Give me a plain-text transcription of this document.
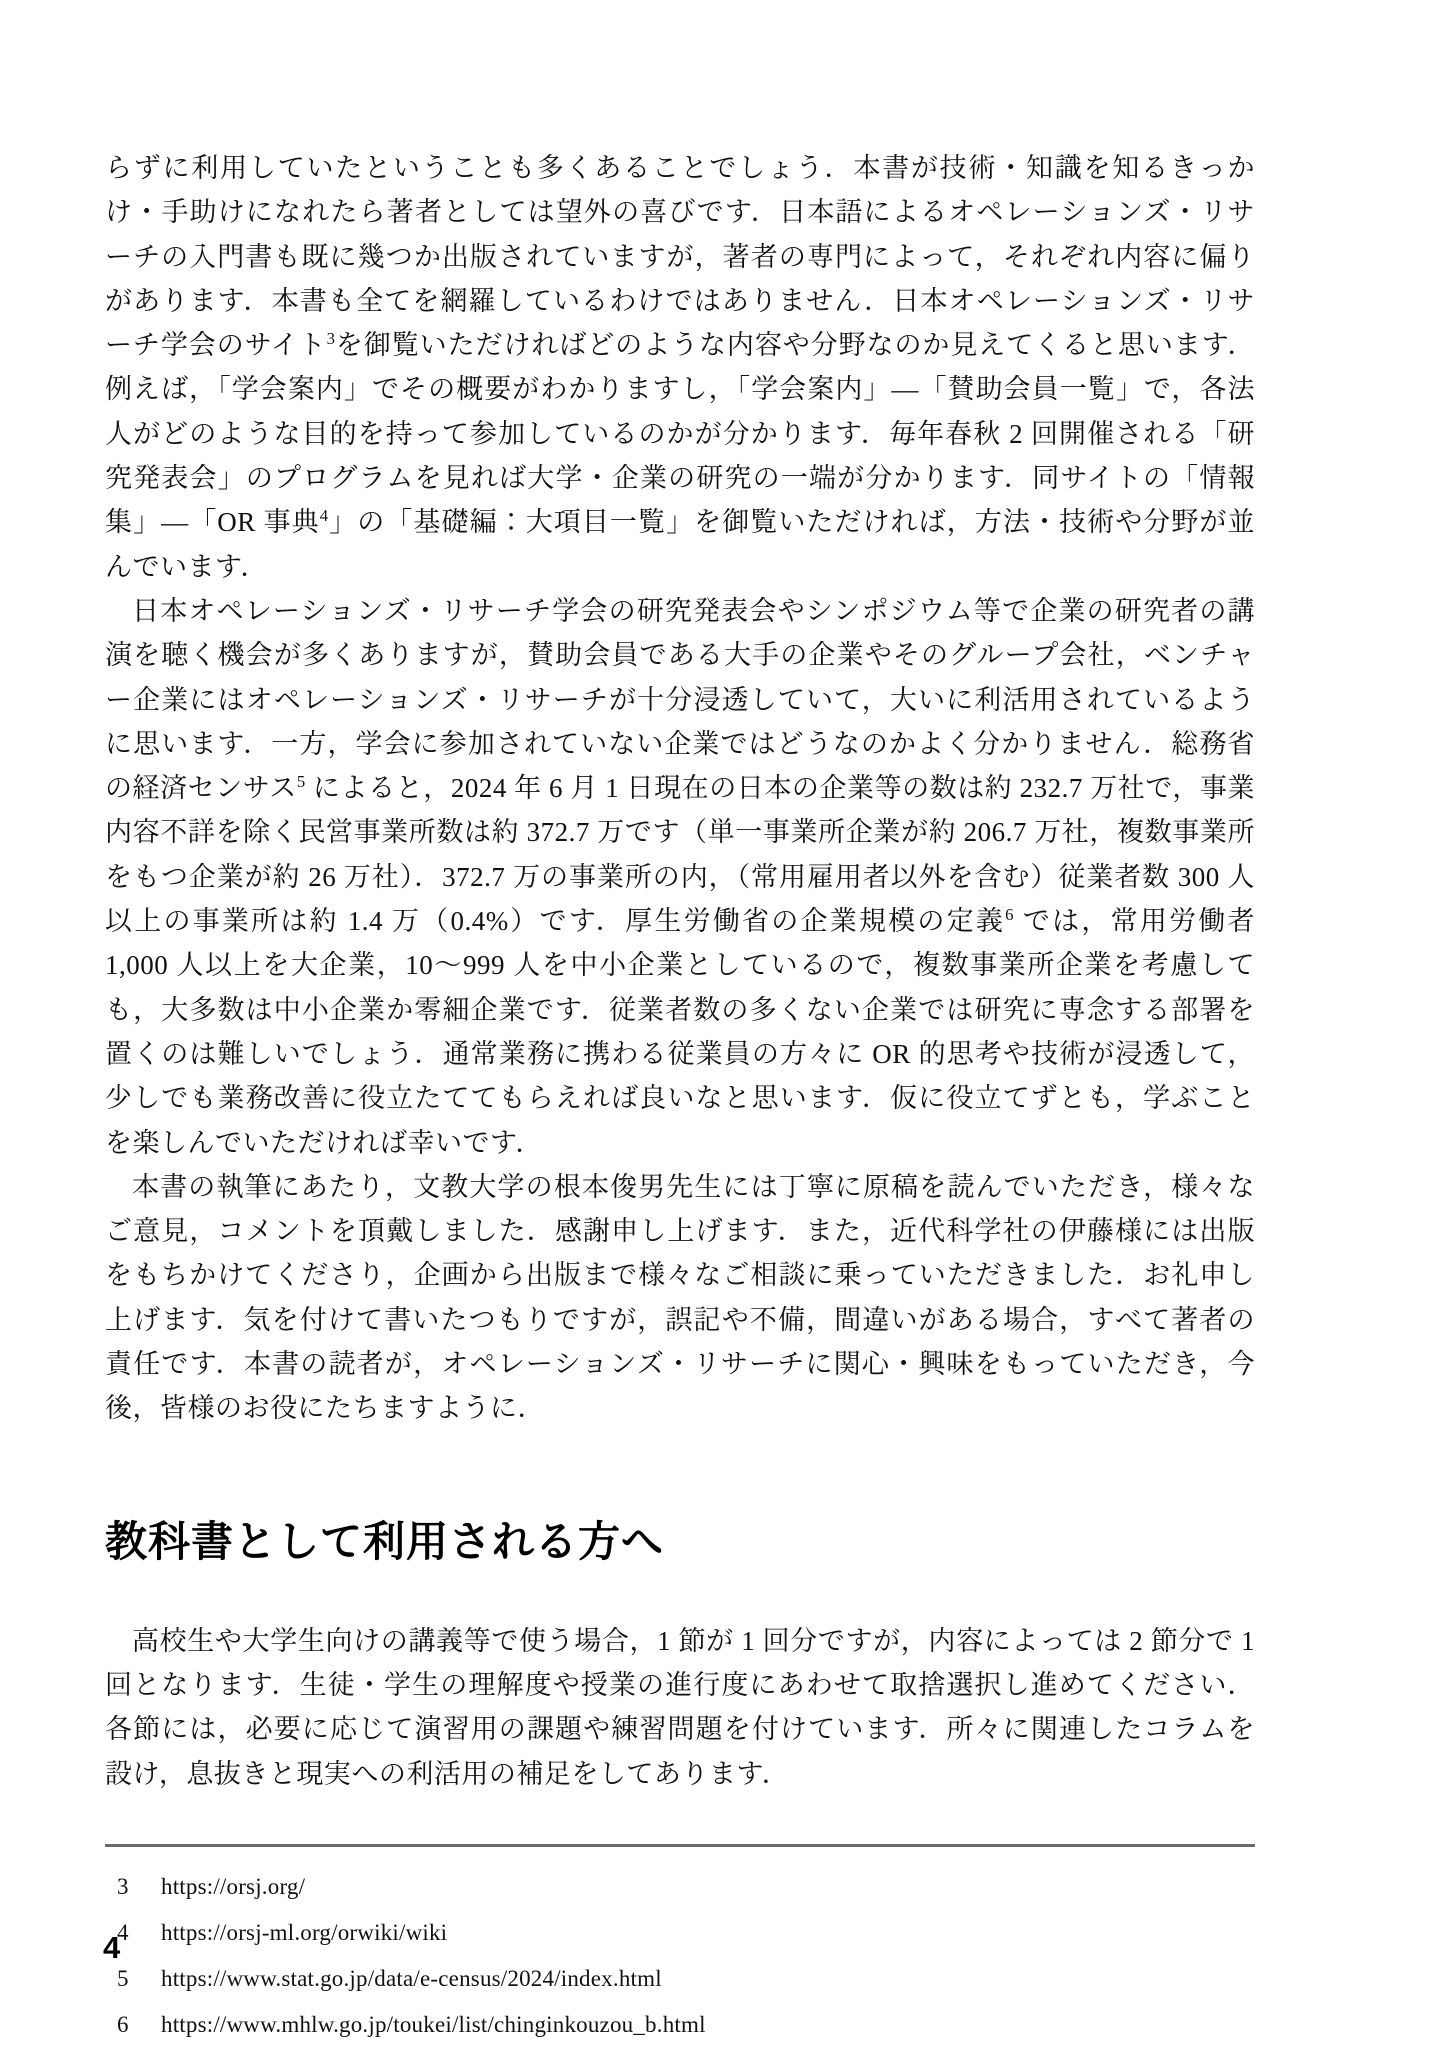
らずに利用していたということも多くあることでしょう．本書が技術・知識を知るきっかけ・手助けになれたら著者としては望外の喜びです．日本語によるオペレーションズ・リサーチの入門書も既に幾つか出版されていますが，著者の専門によって，それぞれ内容に偏りがあります．本書も全てを網羅しているわけではありません．日本オペレーションズ・リサーチ学会のサイト$^3$を御覧いただければどのような内容や分野なのか見えてくると思います．例えば，「学会案内」でその概要がわかりますし，「学会案内」―「賛助会員一覧」で，各法人がどのような目的を持って参加しているのかが分かります．毎年春秋 2 回開催される「研究発表会」のプログラムを見れば大学・企業の研究の一端が分かります．同サイトの「情報集」―「OR 事典$^4$」の「基礎編：大項目一覧」を御覧いただければ，方法・技術や分野が並んでいます．

日本オペレーションズ・リサーチ学会の研究発表会やシンポジウム等で企業の研究者の講演を聴く機会が多くありますが，賛助会員である大手の企業やそのグループ会社，ベンチャー企業にはオペレーションズ・リサーチが十分浸透していて，大いに利活用されているように思います．一方，学会に参加されていない企業ではどうなのかよく分かりません．総務省の経済センサス$^5$ によると，2024 年 6 月 1 日現在の日本の企業等の数は約 232.7 万社で，事業内容不詳を除く民営事業所数は約 372.7 万です（単一事業所企業が約 206.7 万社，複数事業所をもつ企業が約 26 万社）．372.7 万の事業所の内，（常用雇用者以外を含む）従業者数 300 人以上の事業所は約 1.4 万（0.4%）です．厚生労働省の企業規模の定義$^6$ では，常用労働者 1,000 人以上を大企業，10〜999 人を中小企業としているので，複数事業所企業を考慮しても，大多数は中小企業か零細企業です．従業者数の多くない企業では研究に専念する部署を置くのは難しいでしょう．通常業務に携わる従業員の方々に OR 的思考や技術が浸透して，少しでも業務改善に役立たててもらえれば良いなと思います．仮に役立てずとも，学ぶことを楽しんでいただければ幸いです．

本書の執筆にあたり，文教大学の根本俊男先生には丁寧に原稿を読んでいただき，様々なご意見，コメントを頂戴しました．感謝申し上げます．また，近代科学社の伊藤様には出版をもちかけてくださり，企画から出版まで様々なご相談に乗っていただきました．お礼申し上げます．気を付けて書いたつもりですが，誤記や不備，間違いがある場合，すべて著者の責任です．本書の読者が，オペレーションズ・リサーチに関心・興味をもっていただき，今後，皆様のお役にたちますように．

教科書として利用される方へ

高校生や大学生向けの講義等で使う場合，1 節が 1 回分ですが，内容によっては 2 節分で 1 回となります．生徒・学生の理解度や授業の進行度にあわせて取捨選択し進めてください．各節には，必要に応じて演習用の課題や練習問題を付けています．所々に関連したコラムを設け，息抜きと現実への利活用の補足をしてあります．

3	https://orsj.org/
4	https://orsj-ml.org/orwiki/wiki
5	https://www.stat.go.jp/data/e-census/2024/index.html
6	https://www.mhlw.go.jp/toukei/list/chinginkouzou_b.html
4
